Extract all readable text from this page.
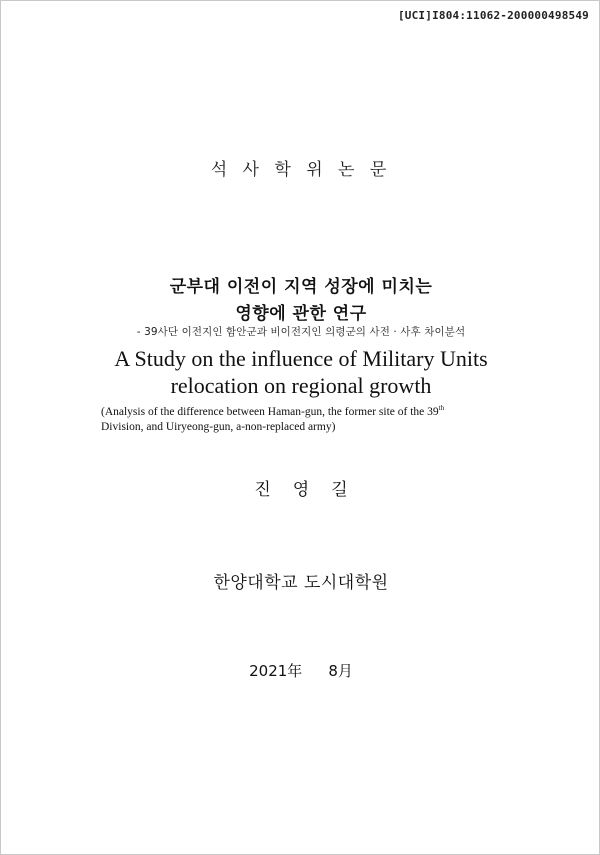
[UCI]I804:11062-200000498549
석 사 학 위 논 문
군부대 이전이 지역 성장에 미치는
영향에 관한 연구
- 39사단 이전지인 함안군과 비이전지인 의령군의 사전 · 사후 차이분석
A Study on the influence of Military Units
relocation on regional growth
(Analysis of the difference between Haman-gun, the former site of the 39th
Division, and Uiryeong-gun, a-non-replaced army)
진 영 길
한양대학교 도시대학원
2021年 8月
